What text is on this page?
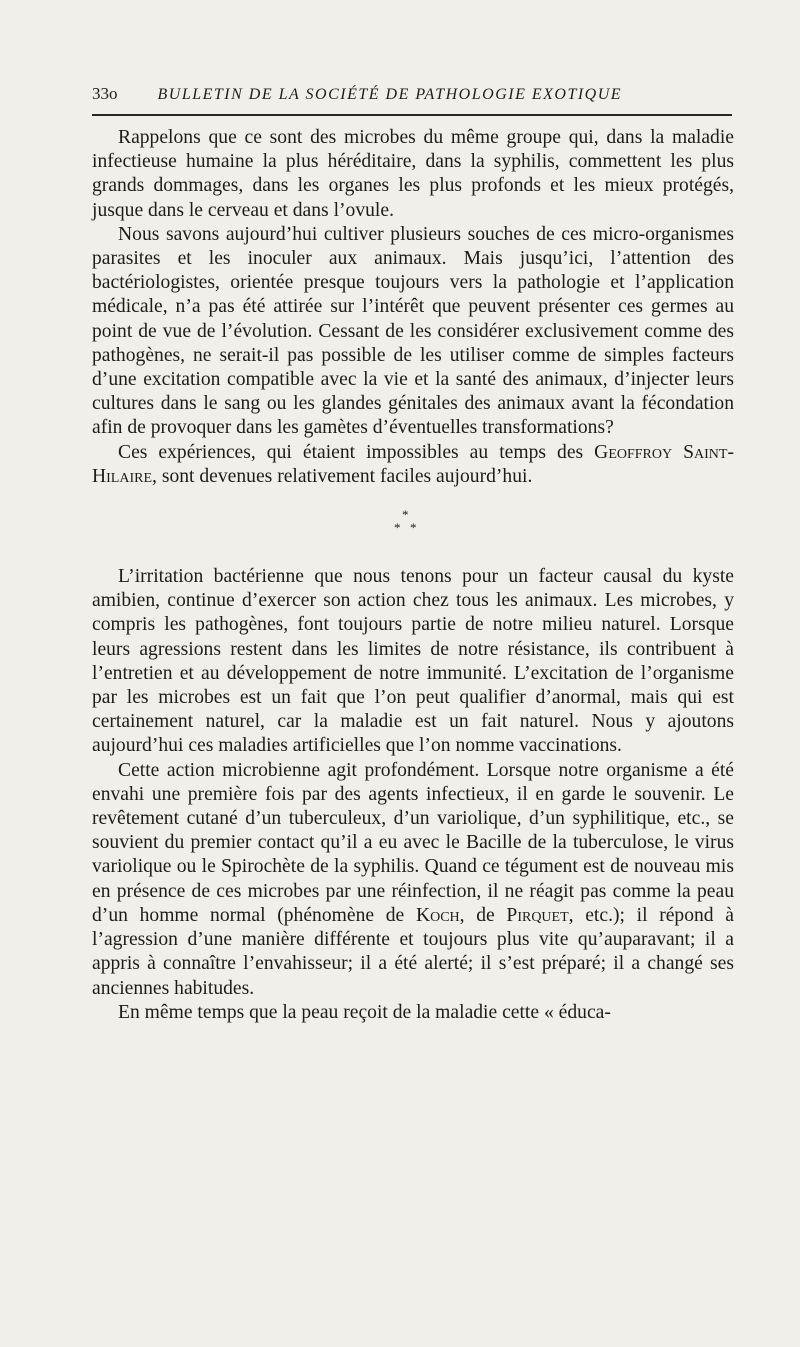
33o	BULLETIN DE LA SOCIÉTÉ DE PATHOLOGIE EXOTIQUE

Rappelons que ce sont des microbes du même groupe qui, dans la maladie infectieuse humaine la plus héréditaire, dans la syphilis, commettent les plus grands dommages, dans les organes les plus profonds et les mieux protégés, jusque dans le cerveau et dans l’ovule.

Nous savons aujourd’hui cultiver plusieurs souches de ces micro-organismes parasites et les inoculer aux animaux. Mais jusqu’ici, l’attention des bactériologistes, orientée presque toujours vers la pathologie et l’application médicale, n’a pas été attirée sur l’intérêt que peuvent présenter ces germes au point de vue de l’évolution. Cessant de les considérer exclusivement comme des pathogènes, ne serait-il pas possible de les utiliser comme de simples facteurs d’une excitation compatible avec la vie et la santé des animaux, d’injecter leurs cultures dans le sang ou les glandes génitales des animaux avant la fécondation afin de provoquer dans les gamètes d’éventuelles transformations?

Ces expériences, qui étaient impossibles au temps des Geoffroy Saint-Hilaire, sont devenues relativement faciles aujourd’hui.

*
* *

L’irritation bactérienne que nous tenons pour un facteur causal du kyste amibien, continue d’exercer son action chez tous les animaux. Les microbes, y compris les pathogènes, font toujours partie de notre milieu naturel. Lorsque leurs agressions restent dans les limites de notre résistance, ils contribuent à l’entretien et au développement de notre immunité. L’excitation de l’organisme par les microbes est un fait que l’on peut qualifier d’anormal, mais qui est certainement naturel, car la maladie est un fait naturel. Nous y ajoutons aujourd’hui ces maladies artificielles que l’on nomme vaccinations.

Cette action microbienne agit profondément. Lorsque notre organisme a été envahi une première fois par des agents infectieux, il en garde le souvenir. Le revêtement cutané d’un tuberculeux, d’un variolique, d’un syphilitique, etc., se souvient du premier contact qu’il a eu avec le Bacille de la tuberculose, le virus variolique ou le Spirochète de la syphilis. Quand ce tégument est de nouveau mis en présence de ces microbes par une réinfection, il ne réagit pas comme la peau d’un homme normal (phénomène de Koch, de Pirquet, etc.); il répond à l’agression d’une manière différente et toujours plus vite qu’auparavant; il a appris à connaître l’envahisseur; il a été alerté; il s’est préparé; il a changé ses anciennes habitudes.

En même temps que la peau reçoit de la maladie cette « éduca-
